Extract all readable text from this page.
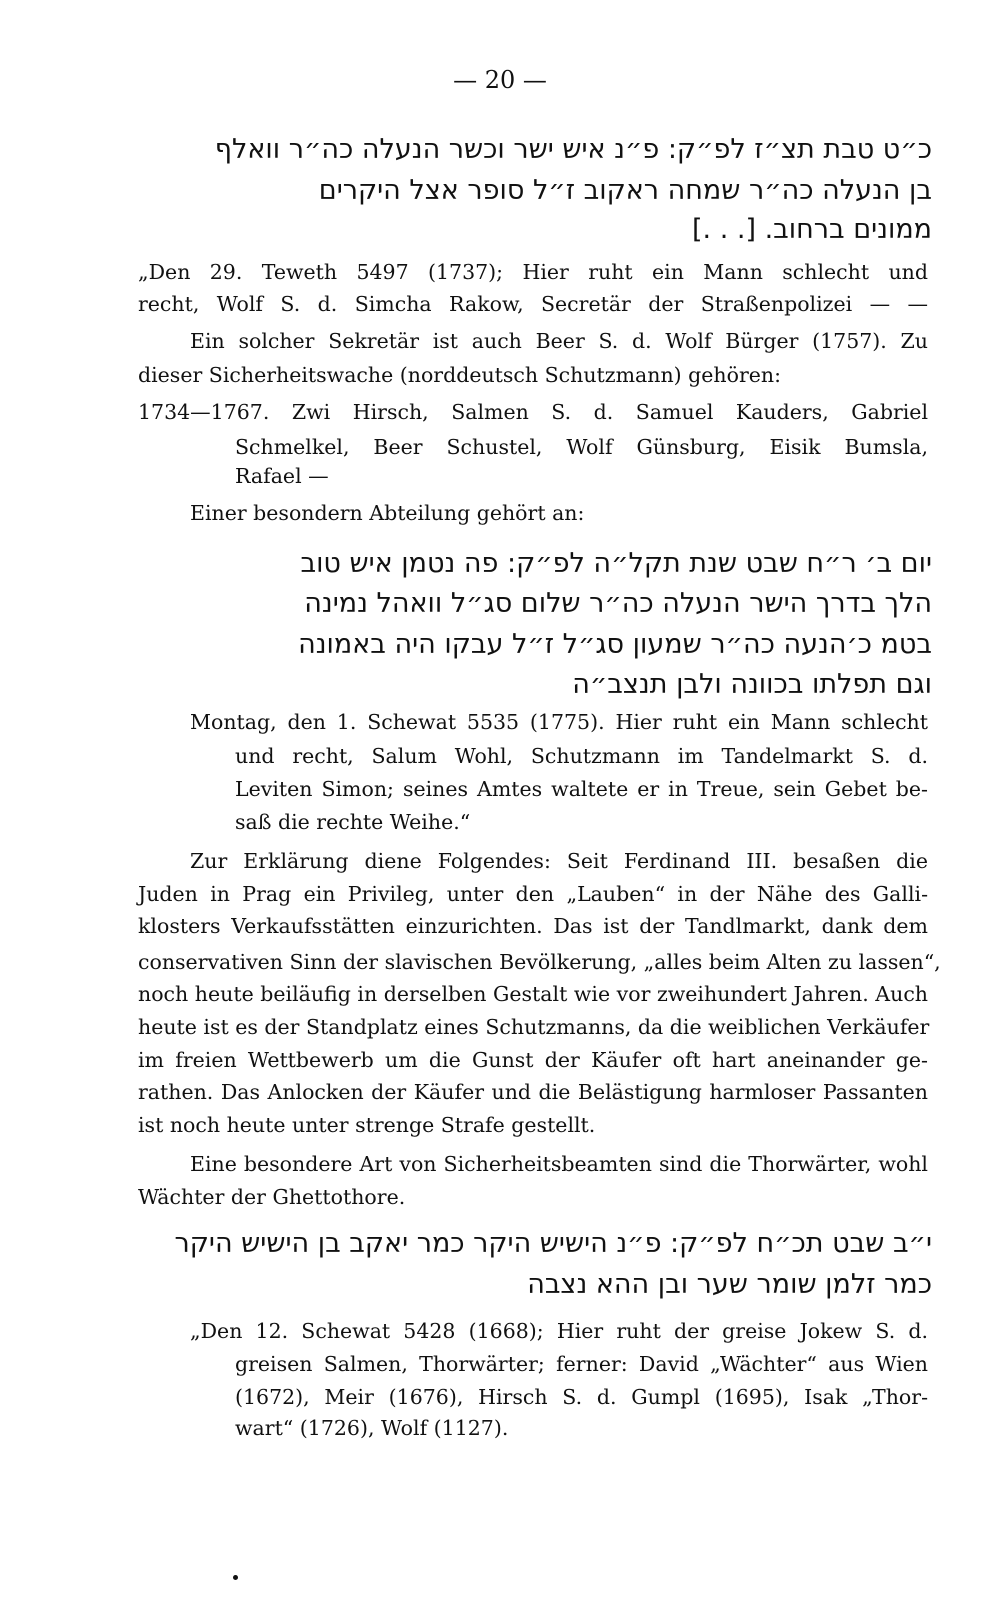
— 20 —
כ״ט טבת תצ״ז לפ״ק: פ״נ איש ישר וכשר הנעלה כה״ר וואלף
בן הנעלה כה״ר שמחה ראקוב ז״ל סופר אצל היקרים
ממונים ברחוב. [. . .]
„Den 29. Teweth 5497 (1737); Hier ruht ein Mann schlecht und
recht, Wolf S. d. Simcha Rakow, Secretär der Straßenpolizei — —
Ein solcher Sekretär ist auch Beer S. d. Wolf Bürger (1757). Zu
dieser Sicherheitswache (norddeutsch Schutzmann) gehören:
1734—1767. Zwi Hirsch, Salmen S. d. Samuel Kauders, Gabriel
Schmelkel, Beer Schustel, Wolf Günsburg, Eisik Bumsla,
Rafael —
Einer besondern Abteilung gehört an:
יום ב׳ ר״ח שבט שנת תקל״ה לפ״ק: פה נטמן איש טוב
הלך בדרך הישר הנעלה כה״ר שלום סג״ל וואהל נמינה
בטמ כ׳הנעה כה״ר שמעון סג״ל ז״ל עבקו היה באמונה
וגם תפלתו בכוונה ולבן תנצב״ה
Montag, den 1. Schewat 5535 (1775). Hier ruht ein Mann schlecht
und recht, Salum Wohl, Schutzmann im Tandelmarkt S. d.
Leviten Simon; seines Amtes waltete er in Treue, sein Gebet be-
saß die rechte Weihe.“
Zur Erklärung diene Folgendes: Seit Ferdinand III. besaßen die
Juden in Prag ein Privileg, unter den „Lauben“ in der Nähe des Galli-
klosters Verkaufsstätten einzurichten. Das ist der Tandlmarkt, dank dem
conservativen Sinn der slavischen Bevölkerung, „alles beim Alten zu lassen“,
noch heute beiläufig in derselben Gestalt wie vor zweihundert Jahren. Auch
heute ist es der Standplatz eines Schutzmanns, da die weiblichen Verkäufer
im freien Wettbewerb um die Gunst der Käufer oft hart aneinander ge-
rathen. Das Anlocken der Käufer und die Belästigung harmloser Passanten
ist noch heute unter strenge Strafe gestellt.
Eine besondere Art von Sicherheitsbeamten sind die Thorwärter, wohl
Wächter der Ghettothore.
י״ב שבט תכ״ח לפ״ק: פ״נ הישיש היקר כמר יאקב בן הישיש היקר
כמר זלמן שומר שער ובן ההא נצבה
„Den 12. Schewat 5428 (1668); Hier ruht der greise Jokew S. d.
greisen Salmen, Thorwärter; ferner: David „Wächter“ aus Wien
(1672), Meir (1676), Hirsch S. d. Gumpl (1695), Isak „Thor-
wart“ (1726), Wolf (1127).
